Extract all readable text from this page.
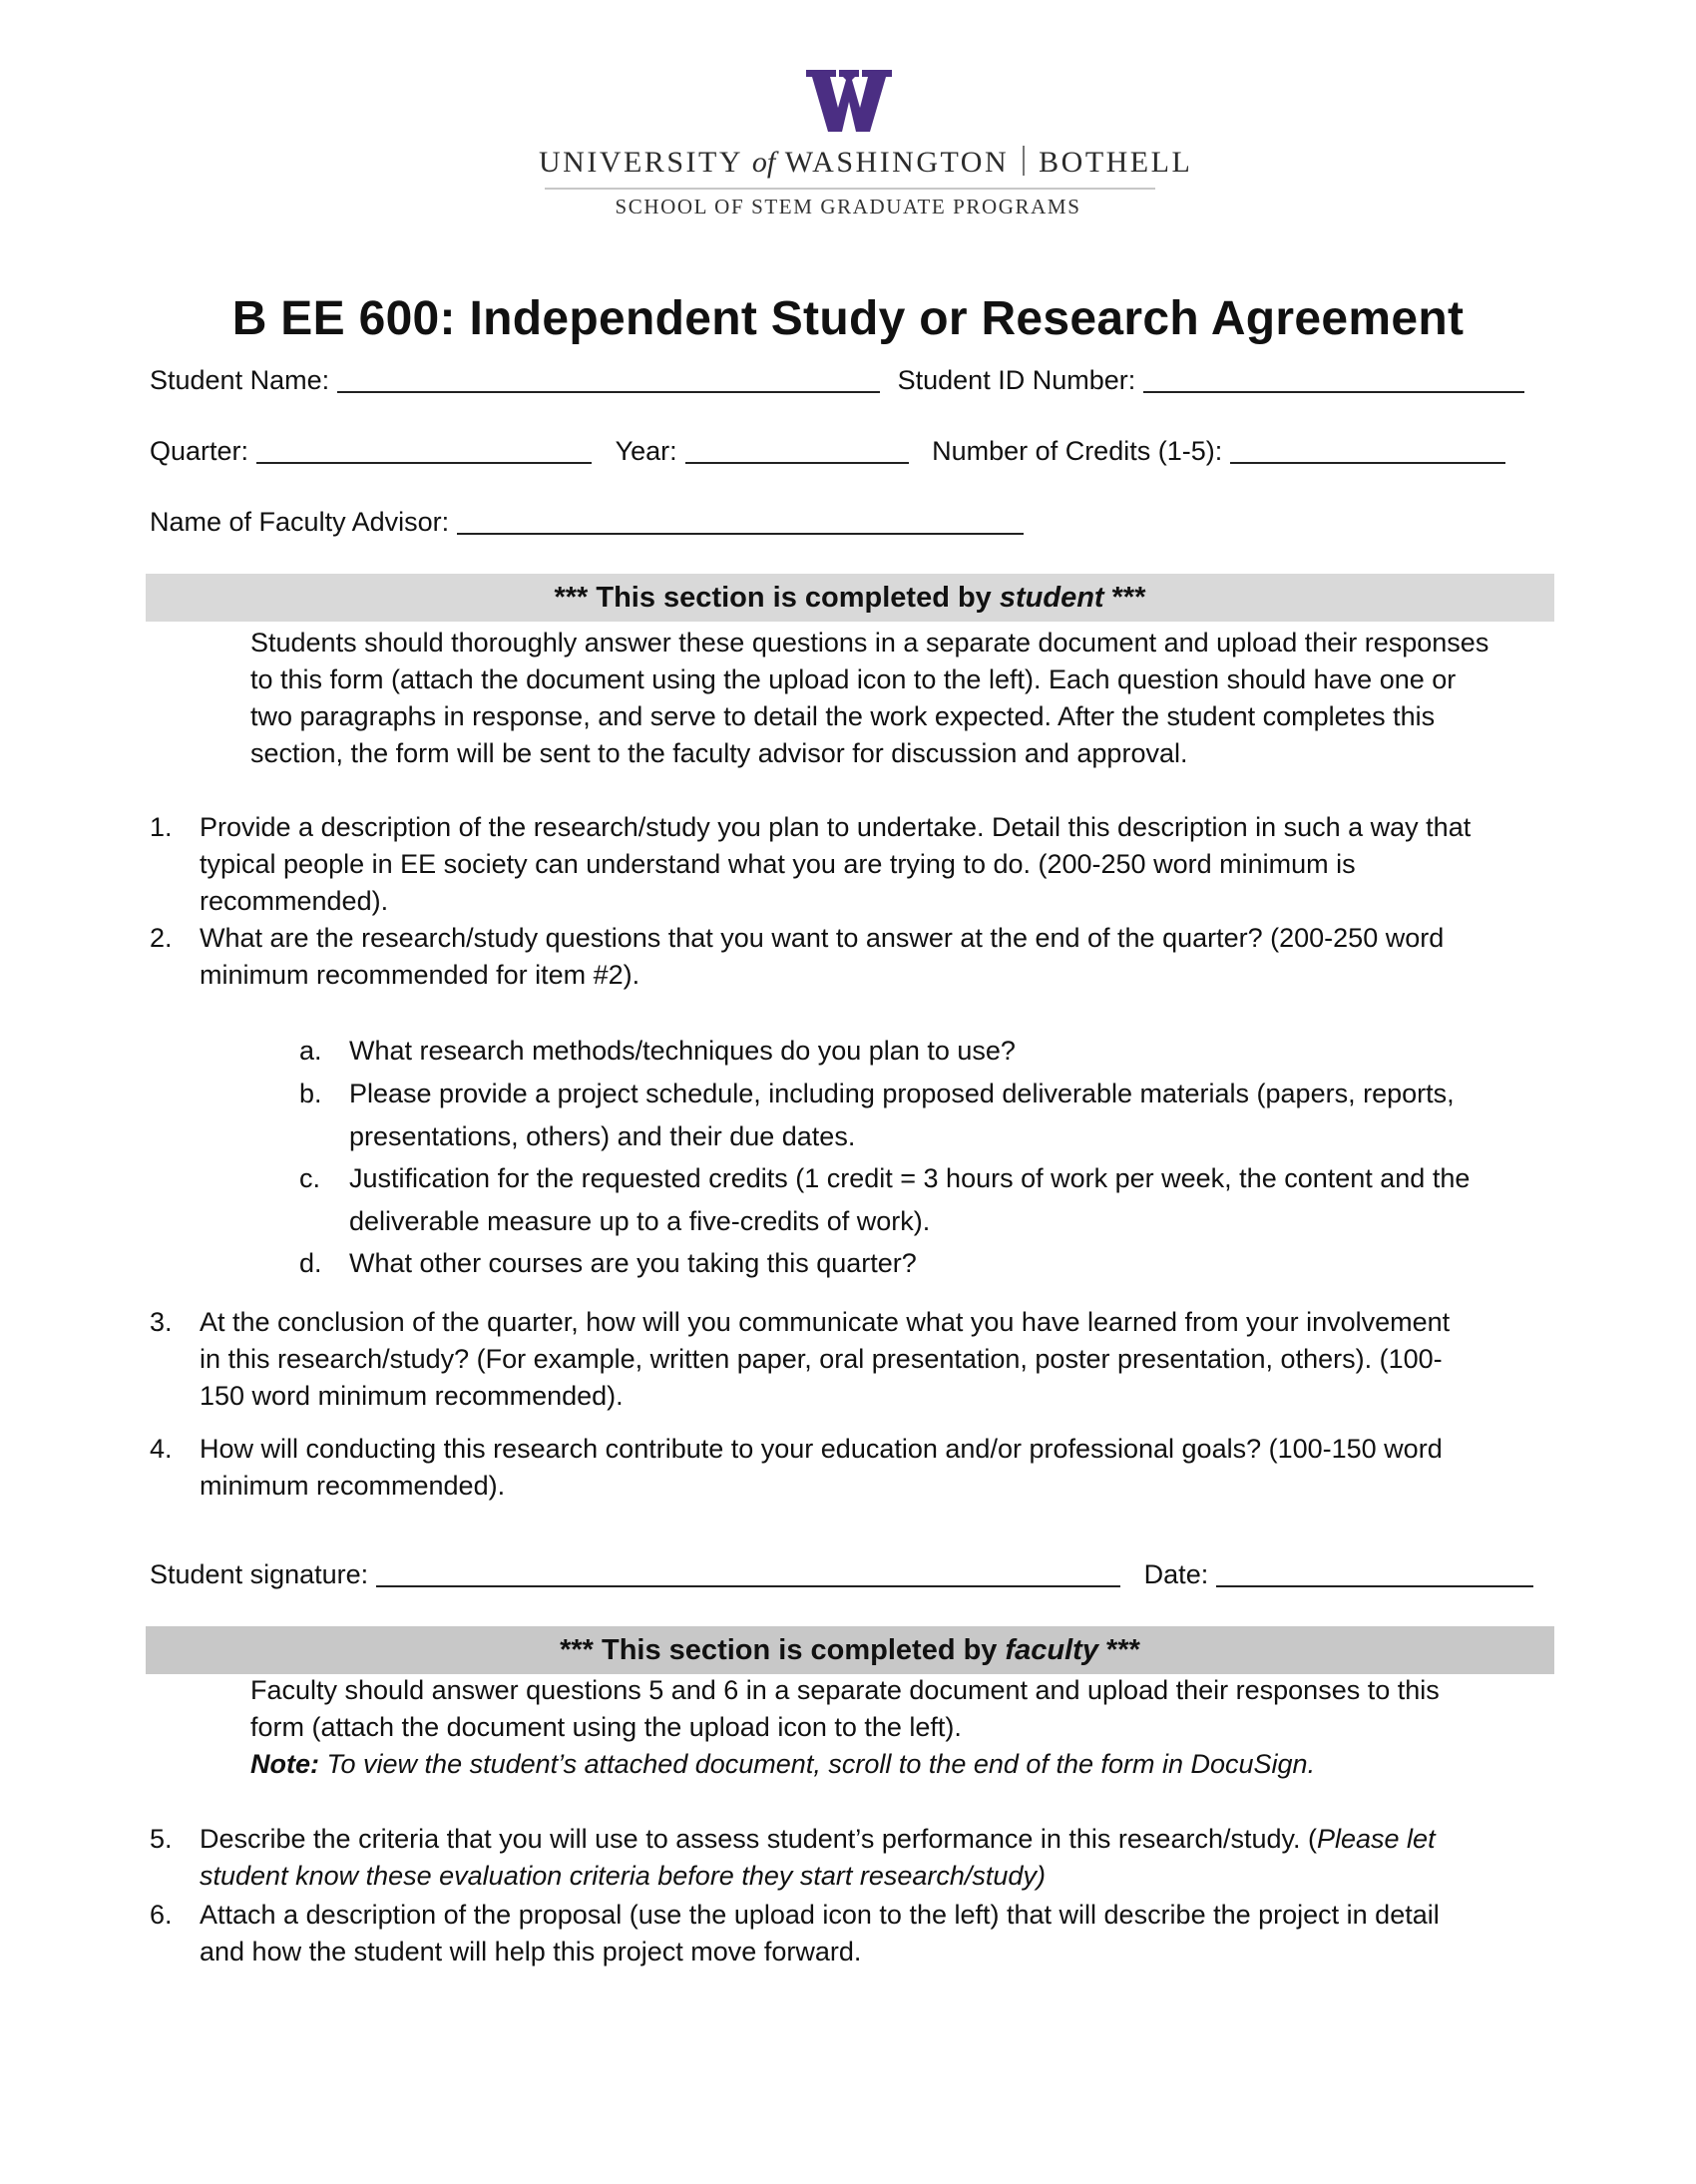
UNIVERSITY of WASHINGTON BOTHELL
SCHOOL OF STEM GRADUATE PROGRAMS
B EE 600: Independent Study or Research Agreement
Student Name:	Student ID Number:
Quarter:	Year:	Number of Credits (1-5):
Name of Faculty Advisor:
*** This section is completed by student ***
Students should thoroughly answer these questions in a separate document and upload their responses
to this form (attach the document using the upload icon to the left). Each question should have one or
two paragraphs in response, and serve to detail the work expected. After the student completes this
section, the form will be sent to the faculty advisor for discussion and approval.
1. Provide a description of the research/study you plan to undertake. Detail this description in such a way that
typical people in EE society can understand what you are trying to do. (200-250 word minimum is
recommended).
2. What are the research/study questions that you want to answer at the end of the quarter? (200-250 word
minimum recommended for item #2).
a. What research methods/techniques do you plan to use?
b. Please provide a project schedule, including proposed deliverable materials (papers, reports,
presentations, others) and their due dates.
c. Justification for the requested credits (1 credit = 3 hours of work per week, the content and the
deliverable measure up to a five-credits of work).
d. What other courses are you taking this quarter?
3. At the conclusion of the quarter, how will you communicate what you have learned from your involvement
in this research/study? (For example, written paper, oral presentation, poster presentation, others). (100-
150 word minimum recommended).
4. How will conducting this research contribute to your education and/or professional goals? (100-150 word
minimum recommended).
Student signature:	Date:
*** This section is completed by faculty ***
Faculty should answer questions 5 and 6 in a separate document and upload their responses to this
form (attach the document using the upload icon to the left).
Note: To view the student’s attached document, scroll to the end of the form in DocuSign.
5. Describe the criteria that you will use to assess student’s performance in this research/study. (Please let
student know these evaluation criteria before they start research/study)
6. Attach a description of the proposal (use the upload icon to the left) that will describe the project in detail
and how the student will help this project move forward.
